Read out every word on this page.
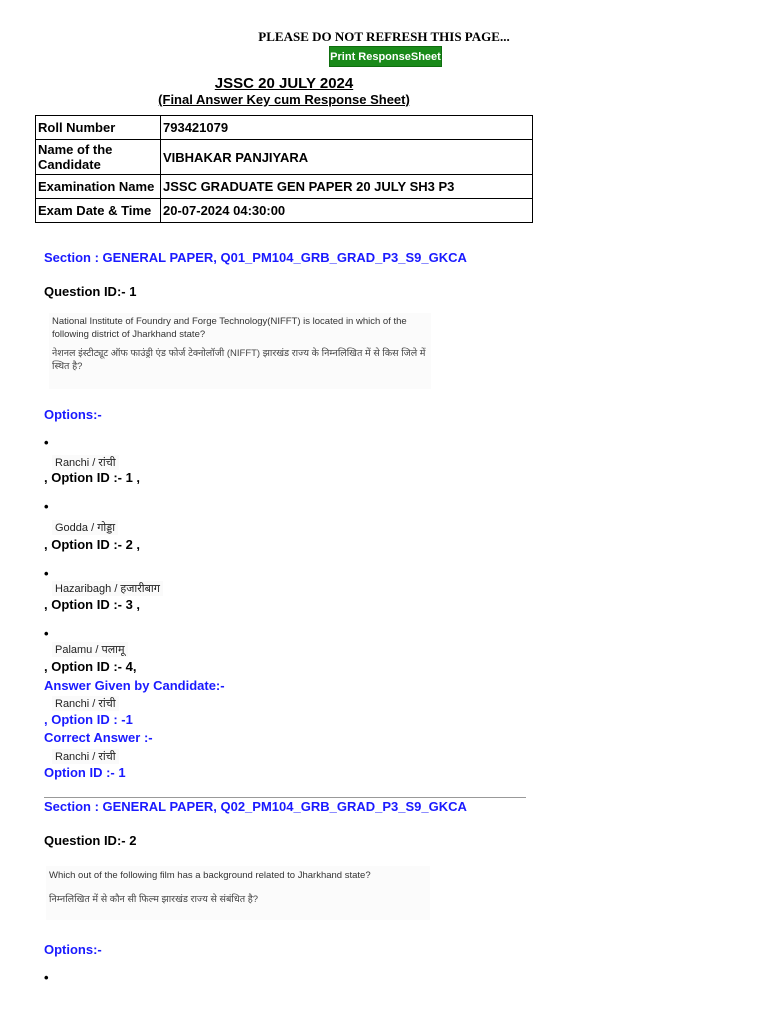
PLEASE DO NOT REFRESH THIS PAGE...
Print ResponseSheet
JSSC 20 JULY 2024
(Final Answer Key cum Response Sheet)
Roll Number	793421079
Name of the Candidate	VIBHAKAR PANJIYARA
Examination Name	JSSC GRADUATE GEN PAPER 20 JULY SH3 P3
Exam Date & Time	20-07-2024 04:30:00
Section : GENERAL PAPER, Q01_PM104_GRB_GRAD_P3_S9_GKCA
Question ID:- 1
National Institute of Foundry and Forge Technology(NIFFT) is located in which of the following district of Jharkhand state?
नेशनल इंस्टीट्यूट ऑफ फाउंड्री एंड फोर्ज टेक्नोलॉजी (NIFFT) झारखंड राज्य के निम्नलिखित में से किस जिले में स्थित है?
Options:-
•
Ranchi / रांची
, Option ID :- 1 ,
•
Godda / गोड्डा
, Option ID :- 2 ,
•
Hazaribagh / हजारीबाग
, Option ID :- 3 ,
•
Palamu / पलामू
, Option ID :- 4,
Answer Given by Candidate:-
Ranchi / रांची
, Option ID : -1
Correct Answer :-
Ranchi / रांची
Option ID :- 1
Section : GENERAL PAPER, Q02_PM104_GRB_GRAD_P3_S9_GKCA
Question ID:- 2
Which out of the following film has a background related to Jharkhand state?
निम्नलिखित में से कौन सी फिल्म झारखंड राज्य से संबंधित है?
Options:-
•
